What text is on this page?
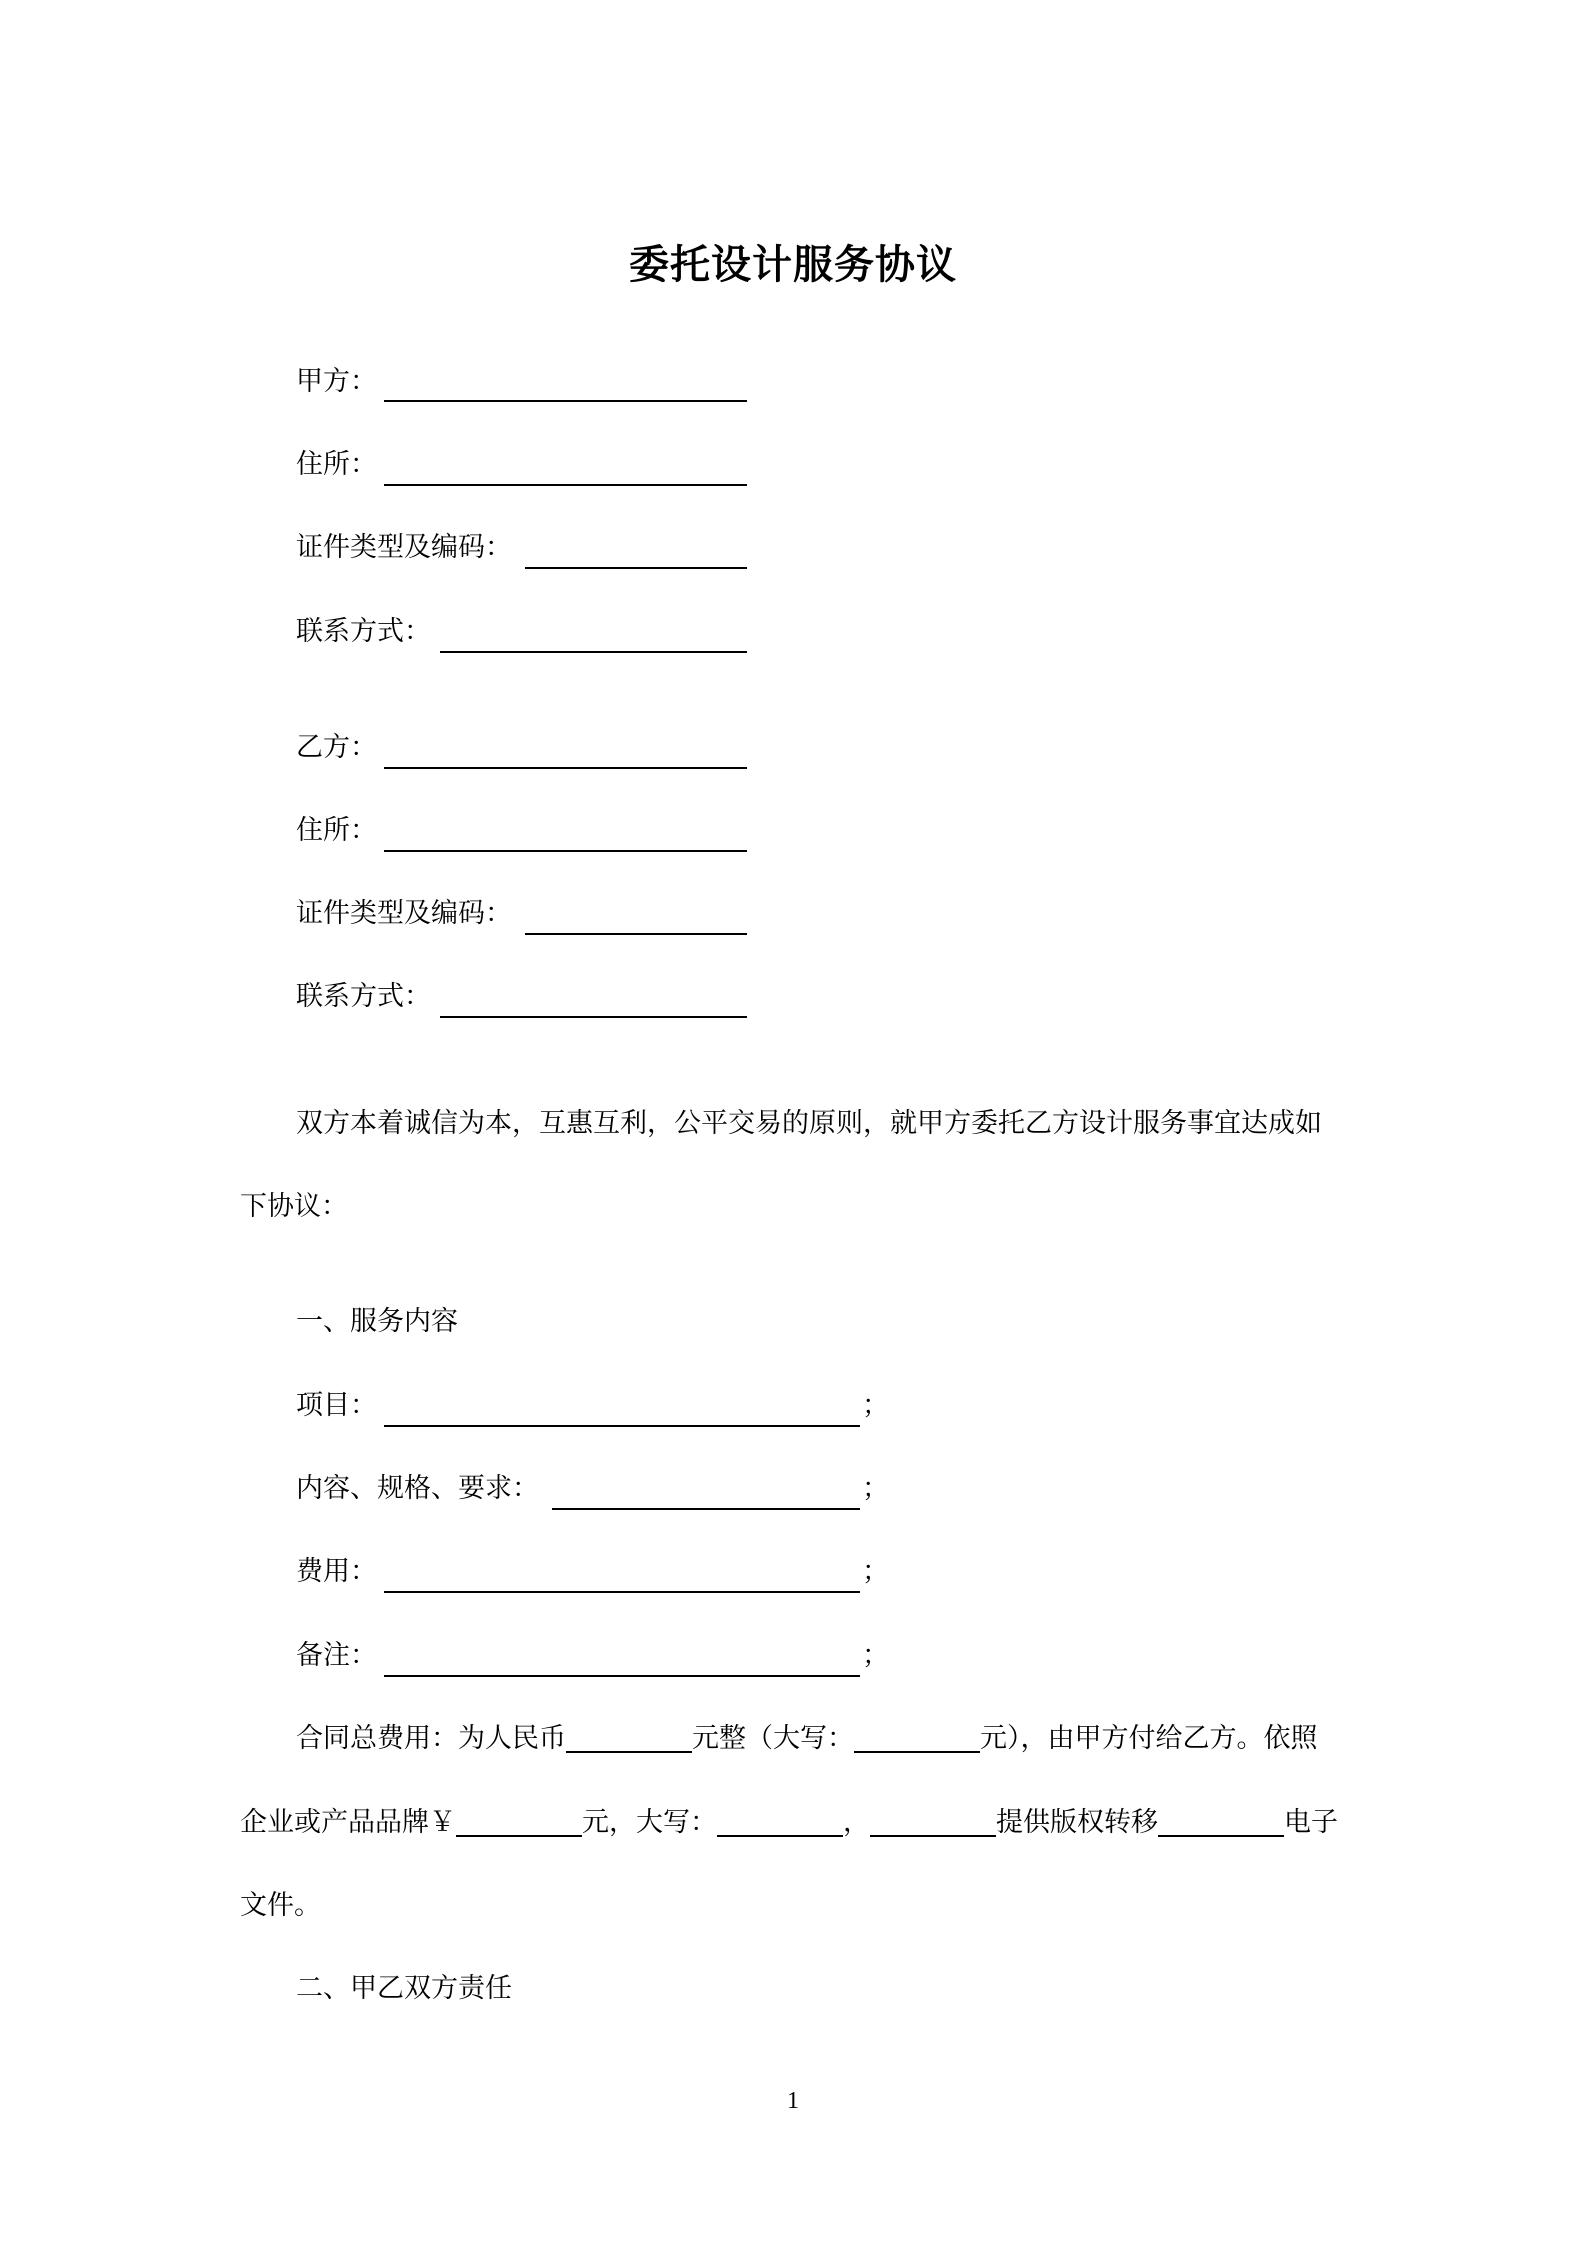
委托设计服务协议
甲方：
住所：
证件类型及编码：
联系方式：
乙方：
住所：
证件类型及编码：
联系方式：
双方本着诚信为本，互惠互利，公平交易的原则，就甲方委托乙方设计服务事宜达成如
下协议：
一、服务内容
项目：	；
内容、规格、要求：	；
费用：	；
备注：	；
合同总费用：为人民币	元整（大写：	元），由甲方付给乙方。依照
企业或产品品牌￥	元，大写：	，	提供版权转移	电子
文件。
二、甲乙双方责任
1
